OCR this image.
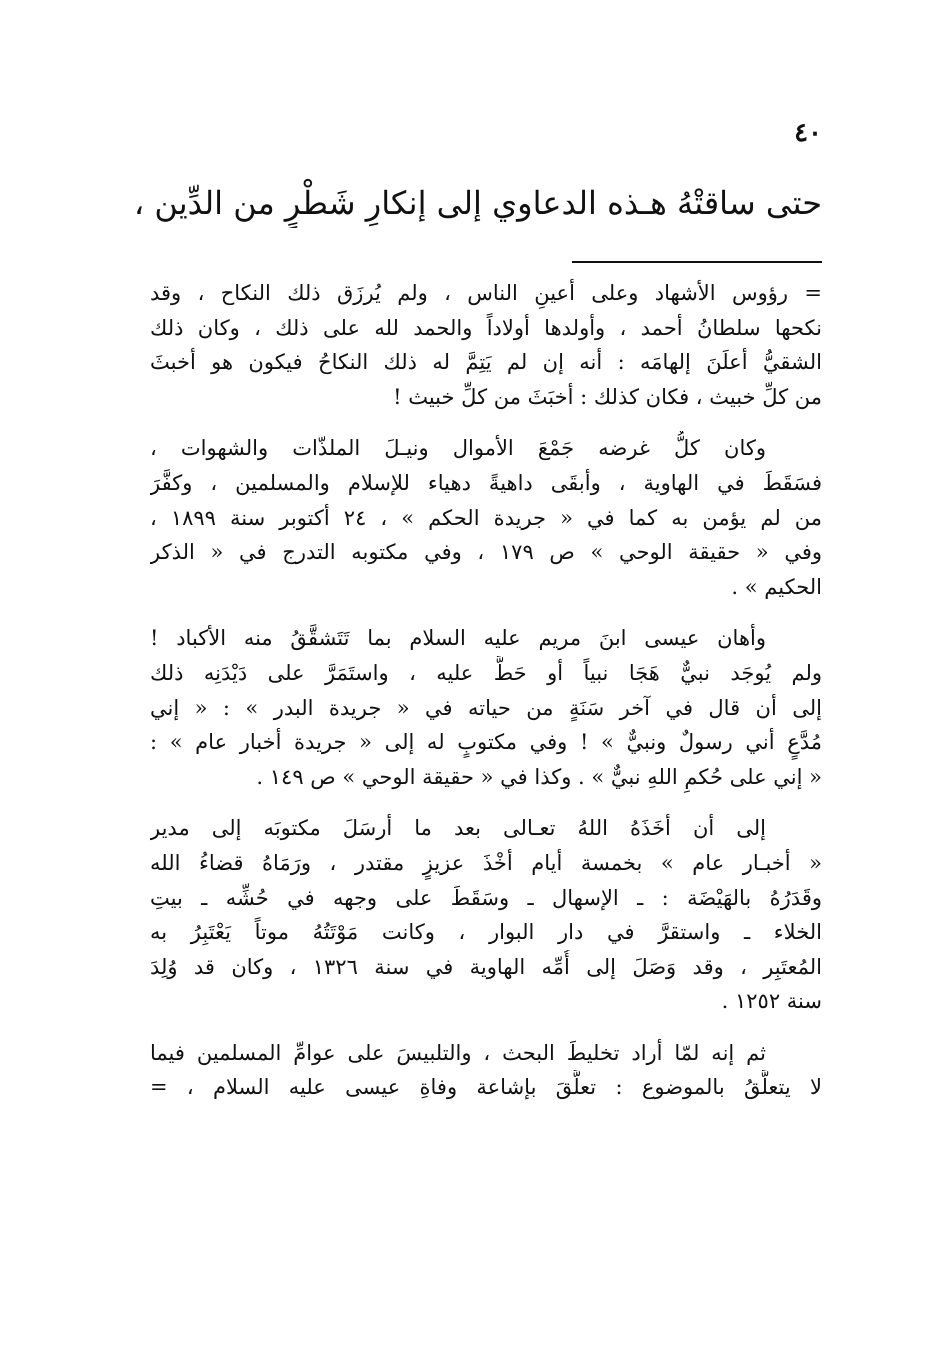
٤٠
حتى ساقتْهُ هـذه الدعاوي إلى إنكارِ شَطْرٍ من الدِّين ،
= رؤوس الأشهاد وعلى أعينِ الناس ، ولم يُرزَق ذلك النكاح ، وقد
نكحها سلطانُ أحمد ، وأولدها أولاداً والحمد لله على ذلك ، وكان ذلك
الشقيُّ أعلَنَ إلهامَه : أنه إن لم يَتِمَّ له ذلك النكاحُ فيكون هو أخبثَ
من كلِّ خبيث ، فكان كذلك : أخبَثَ من كلِّ خبيث !
وكان كلُّ غرضه جَمْعَ الأموال ونيـلَ الملذّات والشهوات ،
فسَقَطَ في الهاوية ، وأبقَى داهيةً دهياء للإسلام والمسلمين ، وكفَّرَ
من لم يؤمن به كما في « جريدة الحكم » ، ٢٤ أكتوبر سنة ١٨٩٩ ،
وفي « حقيقة الوحي » ص ١٧٩ ، وفي مكتوبه التدرج في « الذكر
الحكيم » .
وأهان عيسى ابنَ مريم عليه السلام بما تَتَشقَّقُ منه الأكباد !
ولم يُوجَد نبيٌّ هَجَا نبياً أو حَطَّ عليه ، واستَمَرَّ على دَيْدَنِه ذلك
إلى أن قال في آخر سَنَةٍ من حياته في « جريدة البدر » : « إني
مُدَّعٍ أني رسولٌ ونبيٌّ » ! وفي مكتوبٍ له إلى « جريدة أخبار عام » :
« إني على حُكمِ اللهِ نبيٌّ » . وكذا في « حقيقة الوحي » ص ١٤٩ .
إلى أن أخَذَهُ اللهُ تعـالى بعد ما أرسَلَ مكتوبَه إلى مدير
« أخبـار عام » بخمسة أيام أخْذَ عزيزٍ مقتدر ، ورَمَاهُ قضاءُ الله
وقَدَرُهُ بالهَيْضَة : ـ الإسهال ـ وسَقَطَ على وجهه في حُشِّه ـ بيتِ
الخلاء ـ واستقرَّ في دار البوار ، وكانت مَوْتَتُهُ موتاً يَعْتَبِرُ به
المُعتَبِر ، وقد وَصَلَ إلى أُمِّه الهاوية في سنة ١٣٢٦ ، وكان قد وُلِدَ
سنة ١٢٥٢ .
ثم إنه لمّا أراد تخليطَ البحث ، والتلبيسَ على عوامِّ المسلمين فيما
لا يتعلَّقُ بالموضوع : تعلَّقَ بإشاعة وفاةِ عيسى عليه السلام ، =
